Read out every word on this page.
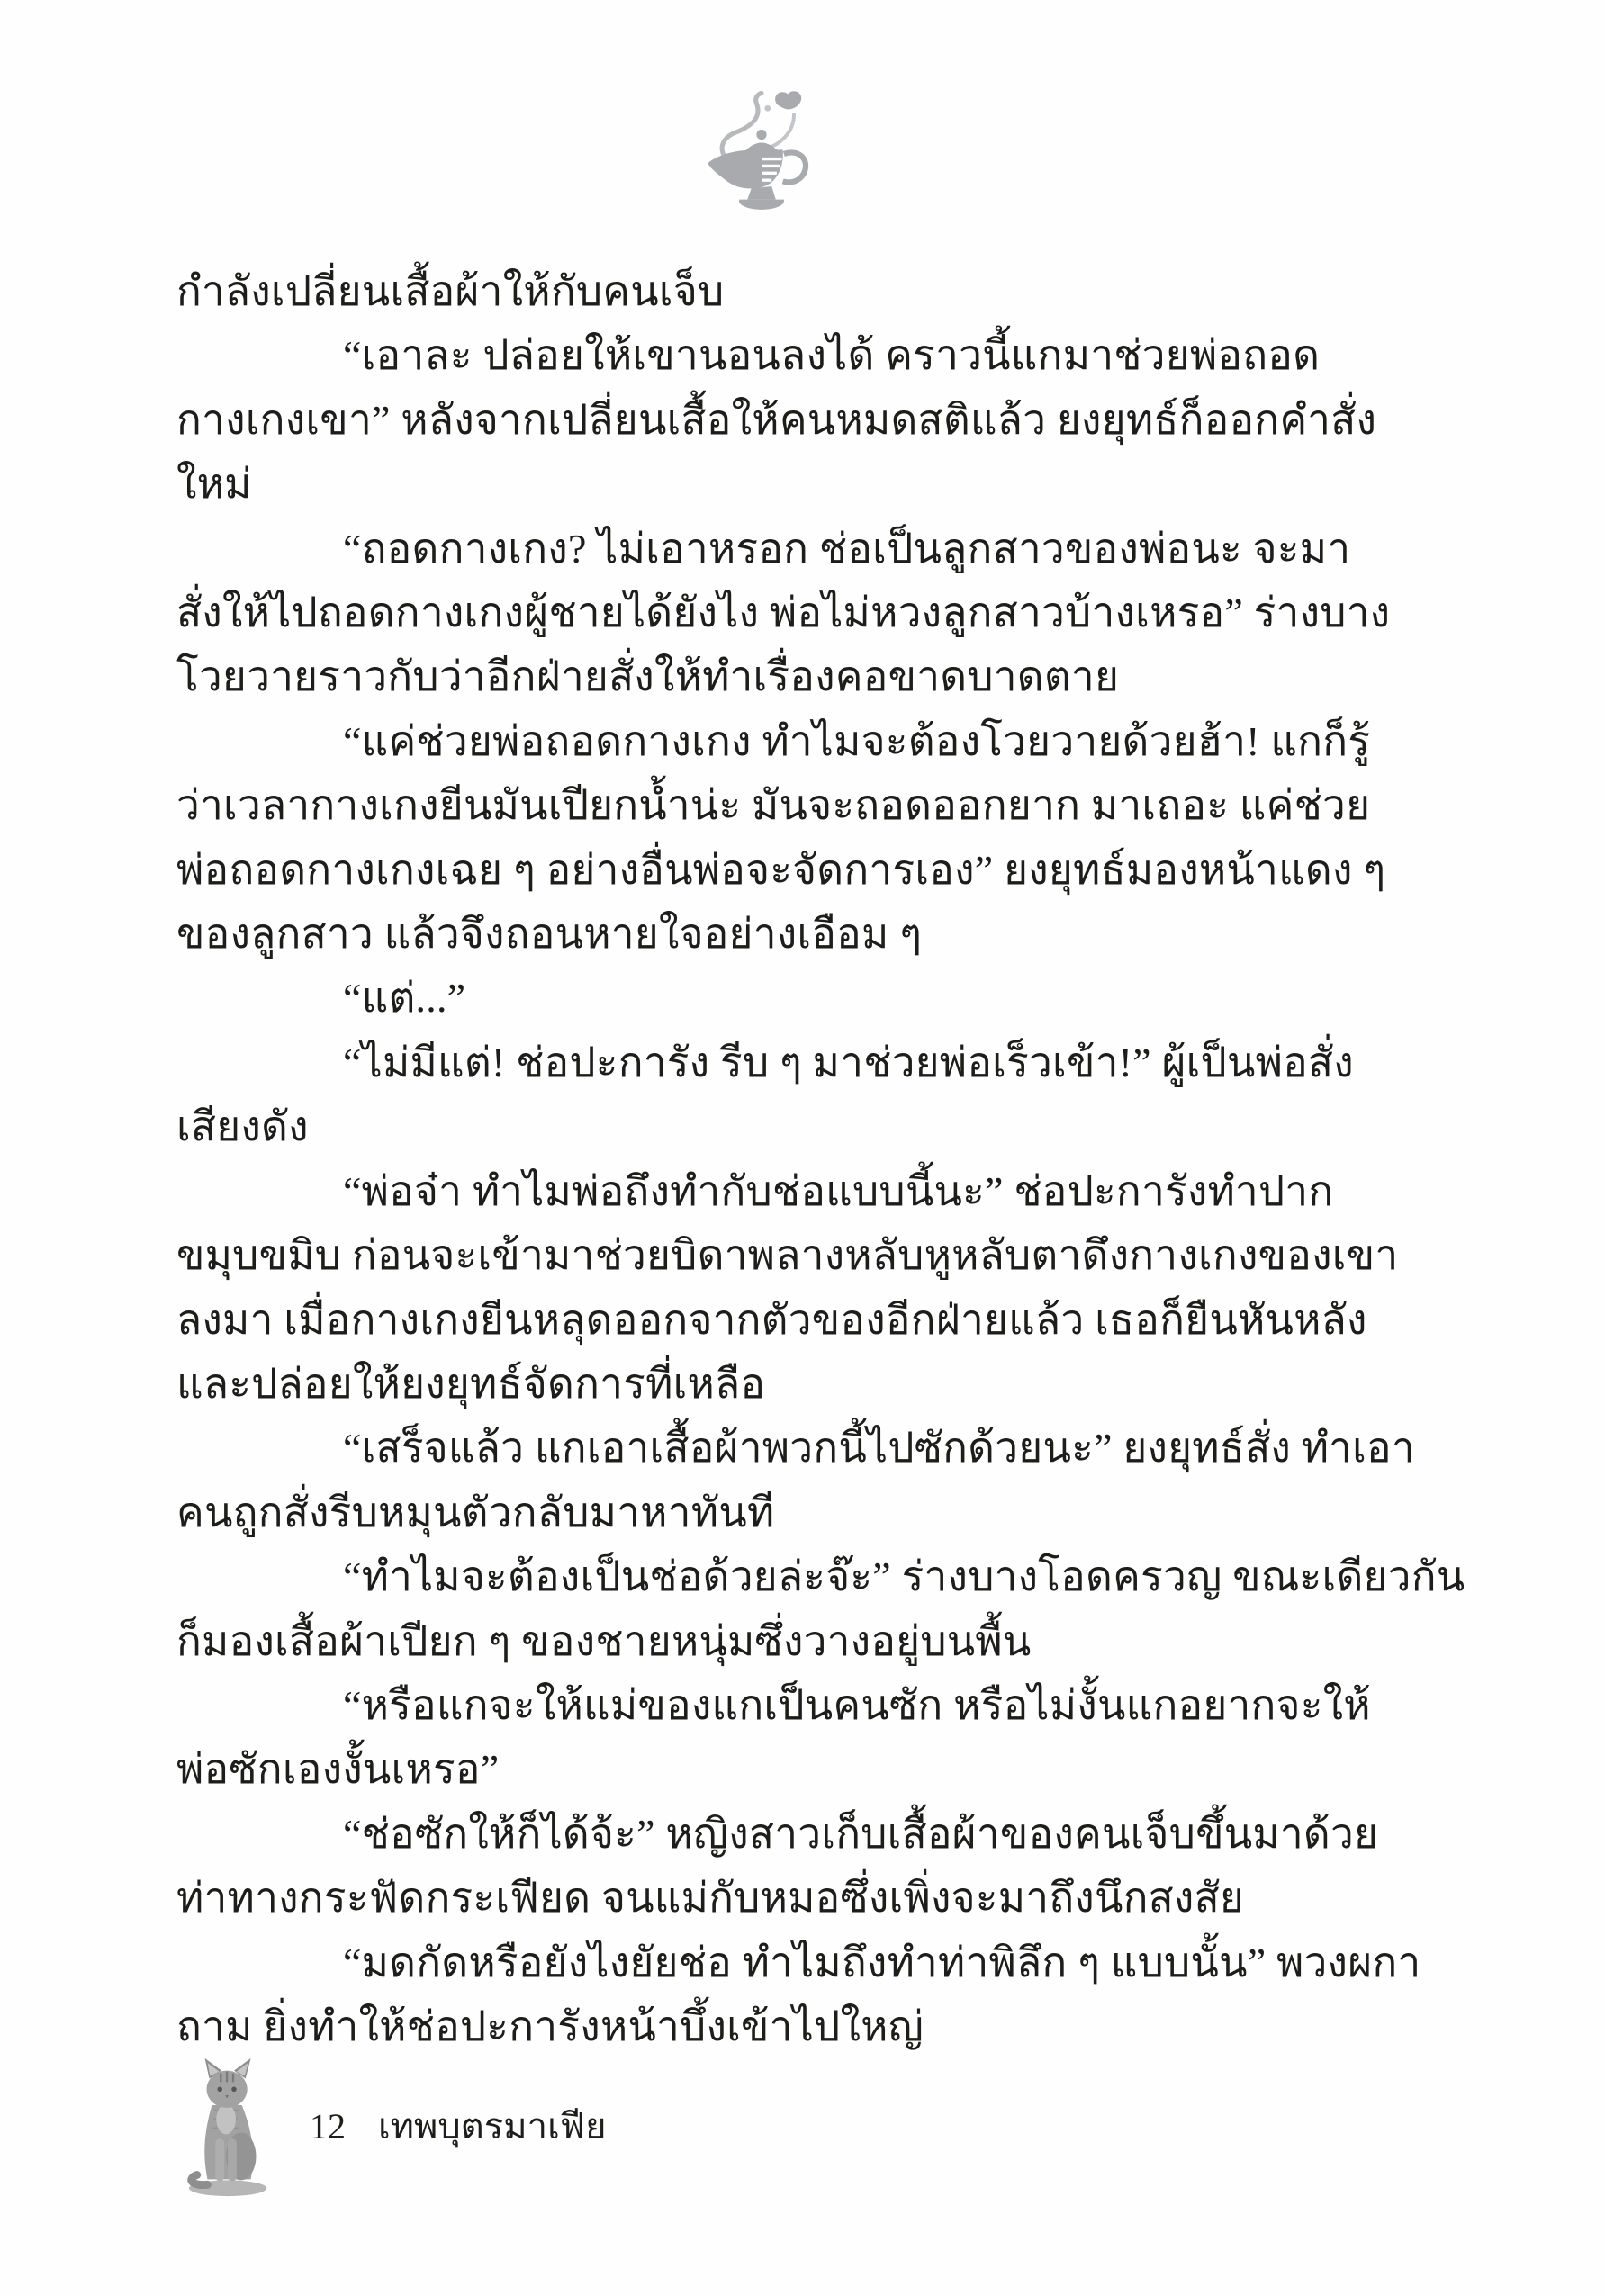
กำลังเปลี่ยนเสื้อผ้าให้กับคนเจ็บ
“เอาละ ปล่อยให้เขานอนลงได้ คราวนี้แกมาช่วยพ่อถอด
กางเกงเขา” หลังจากเปลี่ยนเสื้อให้คนหมดสติแล้ว ยงยุทธ์ก็ออกคำสั่ง
ใหม่
“ถอดกางเกง? ไม่เอาหรอก ช่อเป็นลูกสาวของพ่อนะ จะมา
สั่งให้ไปถอดกางเกงผู้ชายได้ยังไง พ่อไม่หวงลูกสาวบ้างเหรอ” ร่างบาง
โวยวายราวกับว่าอีกฝ่ายสั่งให้ทำเรื่องคอขาดบาดตาย
“แค่ช่วยพ่อถอดกางเกง ทำไมจะต้องโวยวายด้วยฮ้า! แกก็รู้
ว่าเวลากางเกงยีนมันเปียกน้ำน่ะ มันจะถอดออกยาก มาเถอะ แค่ช่วย
พ่อถอดกางเกงเฉย ๆ อย่างอื่นพ่อจะจัดการเอง” ยงยุทธ์มองหน้าแดง ๆ
ของลูกสาว แล้วจึงถอนหายใจอย่างเอือม ๆ
“แต่...”
“ไม่มีแต่! ช่อปะการัง รีบ ๆ มาช่วยพ่อเร็วเข้า!” ผู้เป็นพ่อสั่ง
เสียงดัง
“พ่อจ๋า ทำไมพ่อถึงทำกับช่อแบบนี้นะ” ช่อปะการังทำปาก
ขมุบขมิบ ก่อนจะเข้ามาช่วยบิดาพลางหลับหูหลับตาดึงกางเกงของเขา
ลงมา เมื่อกางเกงยีนหลุดออกจากตัวของอีกฝ่ายแล้ว เธอก็ยืนหันหลัง
และปล่อยให้ยงยุทธ์จัดการที่เหลือ
“เสร็จแล้ว แกเอาเสื้อผ้าพวกนี้ไปซักด้วยนะ” ยงยุทธ์สั่ง ทำเอา
คนถูกสั่งรีบหมุนตัวกลับมาหาทันที
“ทำไมจะต้องเป็นช่อด้วยล่ะจ๊ะ” ร่างบางโอดครวญ ขณะเดียวกัน
ก็มองเสื้อผ้าเปียก ๆ ของชายหนุ่มซึ่งวางอยู่บนพื้น
“หรือแกจะให้แม่ของแกเป็นคนซัก หรือไม่งั้นแกอยากจะให้
พ่อซักเองงั้นเหรอ”
“ช่อซักให้ก็ได้จ้ะ” หญิงสาวเก็บเสื้อผ้าของคนเจ็บขึ้นมาด้วย
ท่าทางกระฟัดกระเฟียด จนแม่กับหมอซึ่งเพิ่งจะมาถึงนึกสงสัย
“มดกัดหรือยังไงยัยช่อ ทำไมถึงทำท่าพิลึก ๆ แบบนั้น” พวงผกา
ถาม ยิ่งทำให้ช่อปะการังหน้าบึ้งเข้าไปใหญ่
12 เทพบุตรมาเฟีย
